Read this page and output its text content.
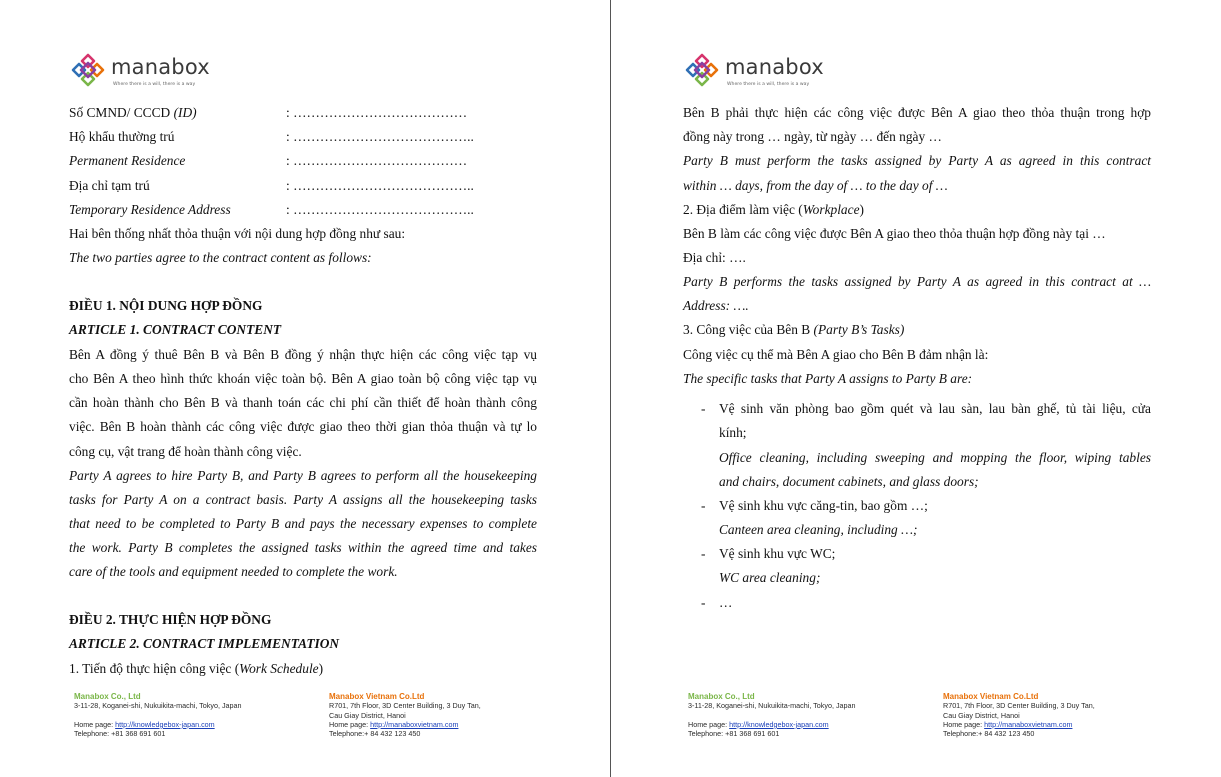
manabox
Where there is a will, there is a way
Số CMND/ CCCD (ID)	: …………………………………
Hộ khẩu thường trú	: …………………………………..
Permanent Residence	: …………………………………
Địa chỉ tạm trú	: …………………………………..
Temporary Residence Address	: …………………………………..
Hai bên thống nhất thỏa thuận với nội dung hợp đồng như sau:
The two parties agree to the contract content as follows:
ĐIỀU 1. NỘI DUNG HỢP ĐỒNG
ARTICLE 1. CONTRACT CONTENT
Bên A đồng ý thuê Bên B và Bên B đồng ý nhận thực hiện các công việc tạp vụ
cho Bên A theo hình thức khoán việc toàn bộ. Bên A giao toàn bộ công việc tạp vụ
cần hoàn thành cho Bên B và thanh toán các chi phí cần thiết để hoàn thành công
việc. Bên B hoàn thành các công việc được giao theo thời gian thỏa thuận và tự lo
công cụ, vật trang để hoàn thành công việc.
Party A agrees to hire Party B, and Party B agrees to perform all the housekeeping
tasks for Party A on a contract basis. Party A assigns all the housekeeping tasks
that need to be completed to Party B and pays the necessary expenses to complete
the work. Party B completes the assigned tasks within the agreed time and takes
care of the tools and equipment needed to complete the work.
ĐIỀU 2. THỰC HIỆN HỢP ĐỒNG
ARTICLE 2. CONTRACT IMPLEMENTATION
1. Tiến độ thực hiện công việc (Work Schedule)
Manabox Co., Ltd
3-11-28, Koganei-shi, Nukuikita-machi, Tokyo, Japan
Home page: http://knowledgebox-japan.com
Telephone: +81 368 691 601
Manabox Vietnam Co.Ltd
R701, 7th Floor, 3D Center Building, 3 Duy Tan,
Cau Giay District, Hanoi
Home page: http://manaboxvietnam.com
Telephone:+ 84 432 123 450
manabox
Where there is a will, there is a way
Bên B phải thực hiện các công việc được Bên A giao theo thỏa thuận trong hợp
đồng này trong … ngày, từ ngày … đến ngày …
Party B must perform the tasks assigned by Party A as agreed in this contract
within … days, from the day of … to the day of …
2. Địa điểm làm việc (Workplace)
Bên B làm các công việc được Bên A giao theo thỏa thuận hợp đồng này tại …
Địa chỉ: ….
Party B performs the tasks assigned by Party A as agreed in this contract at …
Address: ….
3. Công việc của Bên B (Party B’s Tasks)
Công việc cụ thể mà Bên A giao cho Bên B đảm nhận là:
The specific tasks that Party A assigns to Party B are:
- Vệ sinh văn phòng bao gồm quét và lau sàn, lau bàn ghế, tủ tài liệu, cửa
kính;
Office cleaning, including sweeping and mopping the floor, wiping tables
and chairs, document cabinets, and glass doors;
- Vệ sinh khu vực căng-tin, bao gồm …;
Canteen area cleaning, including …;
- Vệ sinh khu vực WC;
WC area cleaning;
- …
Manabox Co., Ltd
3-11-28, Koganei-shi, Nukuikita-machi, Tokyo, Japan
Home page: http://knowledgebox-japan.com
Telephone: +81 368 691 601
Manabox Vietnam Co.Ltd
R701, 7th Floor, 3D Center Building, 3 Duy Tan,
Cau Giay District, Hanoi
Home page: http://manaboxvietnam.com
Telephone:+ 84 432 123 450
